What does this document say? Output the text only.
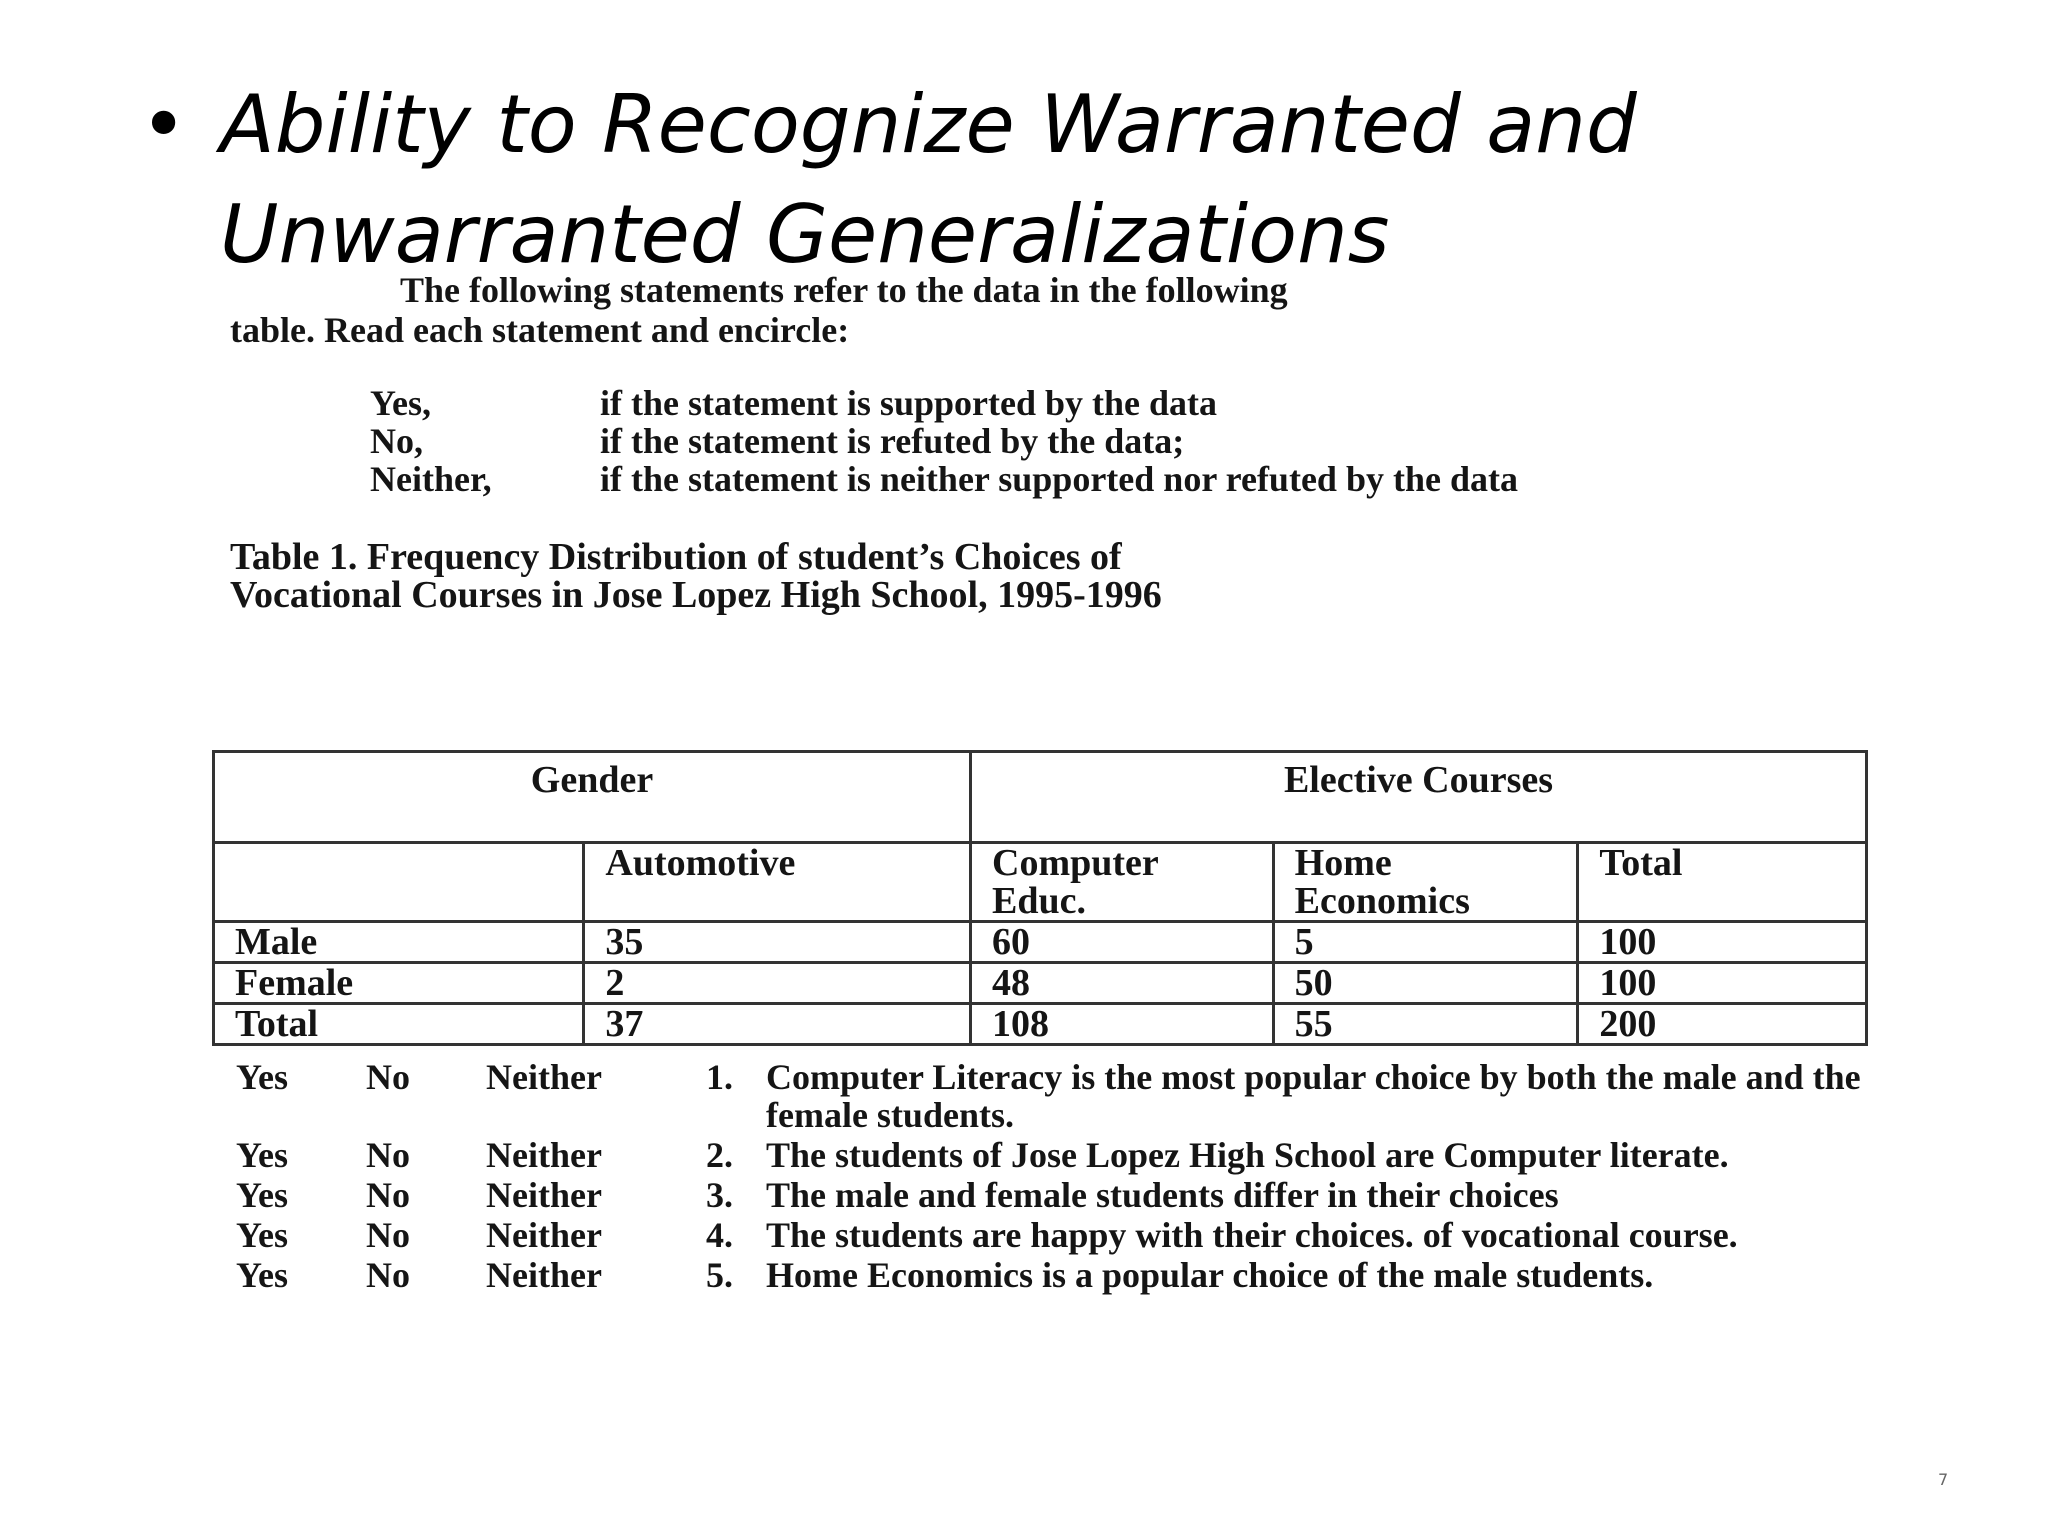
• Ability to Recognize Warranted and
Unwarranted Generalizations
The following statements refer to the data in the following
table. Read each statement and encircle:
Yes,	if the statement is supported by the data
No,	if the statement is refuted by the data;
Neither,	if the statement is neither supported nor refuted by the data
Table 1. Frequency Distribution of student’s Choices of
Vocational Courses in Jose Lopez High School, 1995-1996
Gender		Elective Courses		
	Automotive	Computer Educ.	Home Economics	Total
Male	35	60	5	100
Female	2	48	50	100
Total	37	108	55	200
Yes	No	Neither	1. Computer Literacy is the most popular choice by both the male and the female students.
Yes	No	Neither	2. The students of Jose Lopez High School are Computer literate.
Yes	No	Neither	3. The male and female students differ in their choices
Yes	No	Neither	4. The students are happy with their choices. of vocational course.
Yes	No	Neither	5. Home Economics is a popular choice of the male students.
7
